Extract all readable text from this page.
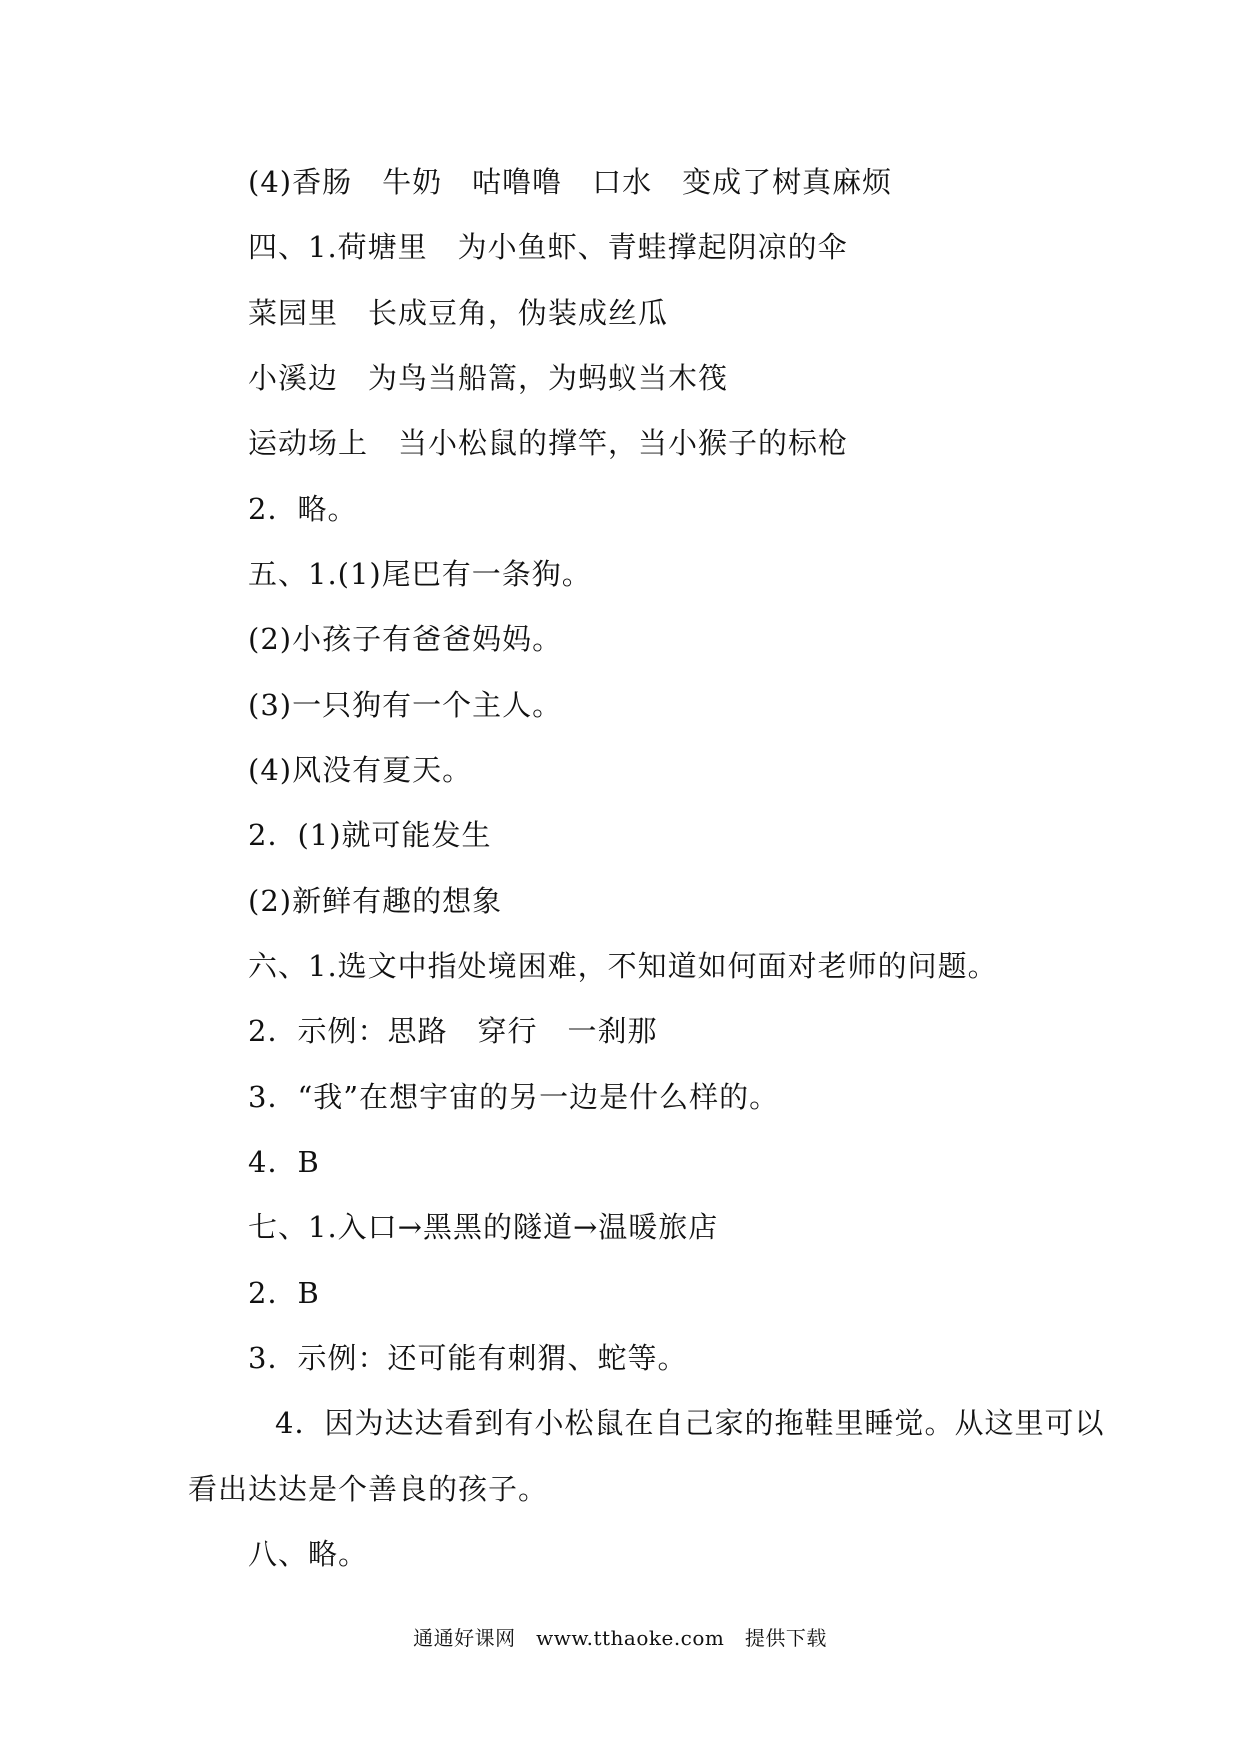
(4)香肠　牛奶　咕噜噜　口水　变成了树真麻烦
四、1.荷塘里　为小鱼虾、青蛙撑起阴凉的伞
菜园里　长成豆角，伪装成丝瓜
小溪边　为鸟当船篙，为蚂蚁当木筏
运动场上　当小松鼠的撑竿，当小猴子的标枪
2．略。
五、1.(1)尾巴有一条狗。
(2)小孩子有爸爸妈妈。
(3)一只狗有一个主人。
(4)风没有夏天。
2．(1)就可能发生
(2)新鲜有趣的想象
六、1.选文中指处境困难，不知道如何面对老师的问题。
2．示例：思路　穿行　一刹那
3．“我”在想宇宙的另一边是什么样的。
4．B
七、1.入口→黑黑的隧道→温暖旅店
2．B
3．示例：还可能有刺猬、蛇等。
4．因为达达看到有小松鼠在自己家的拖鞋里睡觉。从这里可以
看出达达是个善良的孩子。
八、略。
通通好课网　www.tthaoke.com　提供下载
